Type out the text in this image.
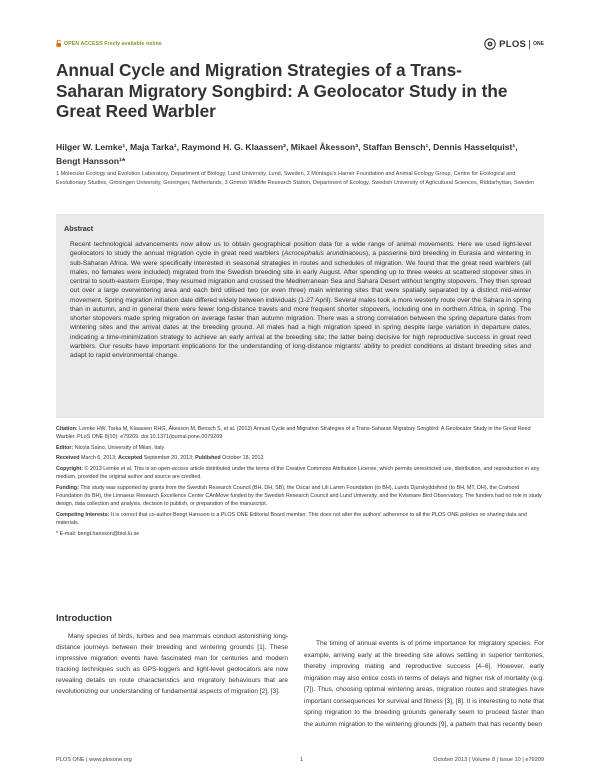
OPEN ACCESS Freely available online	PLOS ONE
Annual Cycle and Migration Strategies of a Trans-Saharan Migratory Songbird: A Geolocator Study in the Great Reed Warbler
Hilger W. Lemke¹, Maja Tarka¹, Raymond H. G. Klaassen², Mikael Åkesson³, Staffan Bensch¹, Dennis Hasselquist¹, Bengt Hansson¹*
1 Molecular Ecology and Evolution Laboratory, Department of Biology, Lund University, Lund, Sweden, 2 Montagu's Harrier Foundation and Animal Ecology Group, Centre for Ecological and Evolutionary Studies, Groningen University, Groningen, Netherlands, 3 Grimsö Wildlife Research Station, Department of Ecology, Swedish University of Agricultural Sciences, Riddarhyttan, Sweden
Abstract
Recent technological advancements now allow us to obtain geographical position data for a wide range of animal movements. Here we used light-level geolocators to study the annual migration cycle in great reed warblers (Acrocephalus arundinaceus), a passerine bird breeding in Eurasia and wintering in sub-Saharan Africa. We were specifically interested in seasonal strategies in routes and schedules of migration. We found that the great reed warblers (all males, no females were included) migrated from the Swedish breeding site in early August. After spending up to three weeks at scattered stopover sites in central to south-eastern Europe, they resumed migration and crossed the Mediterranean Sea and Sahara Desert without lengthy stopovers. They then spread out over a large overwintering area and each bird utilised two (or even three) main wintering sites that were spatially separated by a distinct mid-winter movement. Spring migration initiation date differed widely between individuals (1-27 April). Several males took a more westerly route over the Sahara in spring than in autumn, and in general there were fewer long-distance travels and more frequent shorter stopovers, including one in northern Africa, in spring. The shorter stopovers made spring migration on average faster than autumn migration. There was a strong correlation between the spring departure dates from wintering sites and the arrival dates at the breeding ground. All males had a high migration speed in spring despite large variation in departure dates, indicating a time-minimization strategy to achieve an early arrival at the breeding site; the latter being decisive for high reproductive success in great reed warblers. Our results have important implications for the understanding of long-distance migrants' ability to predict conditions at distant breeding sites and adapt to rapid environmental change.

Citation: Lemke HW, Tarka M, Klaassen RHG, Åkesson M, Bensch S, et al. (2013) Annual Cycle and Migration Strategies of a Trans-Saharan Migratory Songbird: A Geolocator Study in the Great Reed Warbler. PLoS ONE 8(10): e79209. doi:10.1371/journal.pone.0079209

Editor: Nicola Saino, University of Milan, Italy

Received March 6, 2013; Accepted September 20, 2013; Published October 18, 2013

Copyright: © 2013 Lemke et al. This is an open-access article distributed under the terms of the Creative Commons Attribution License, which permits unrestricted use, distribution, and reproduction in any medium, provided the original author and source are credited.

Funding: This study was supported by grants from the Swedish Research Council (BH, DH, SB), the Oscar and Lili Lamm Foundation (to BH), Lunds Djurskyddsfond (to BH, MT, DH), the Crafoord Foundation (to BH), the Linnaeus Research Excellence Center CAnMove funded by the Swedish Research Council and Lund University, and the Kvismare Bird Observatory. The funders had no role in study design, data collection and analysis, decision to publish, or preparation of the manuscript.

Competing Interests: It is correct that co-author Bengt Hansson is a PLOS ONE Editorial Board member. This does not alter the authors' adherence to all the PLOS ONE policies on sharing data and materials.

* E-mail: bengt.hansson@biol.lu.se

Introduction

Many species of birds, turtles and sea mammals conduct astonishing long-distance journeys between their breeding and wintering grounds [1]. These impressive migration events have fascinated man for centuries and modern tracking techniques such as GPS-loggers and light-level geolocators are now revealing details on route characteristics and migratory behaviours that are revolutionizing our understanding of fundamental aspects of migration [2], [3].

The timing of annual events is of prime importance for migratory species. For example, arriving early at the breeding site allows settling in superior territories, thereby improving mating and reproductive success [4–6]. However, early migration may also entice costs in terms of delays and higher risk of mortality (e.g. [7]). Thus, choosing optimal wintering areas, migration routes and strategies have important consequences for survival and fitness [3], [8]. It is interesting to note that spring migration to the breeding grounds generally seem to proceed faster than the autumn migration to the wintering grounds [9], a pattern that has recently been

PLOS ONE | www.plosone.org	1	October 2013 | Volume 8 | Issue 10 | e79209
